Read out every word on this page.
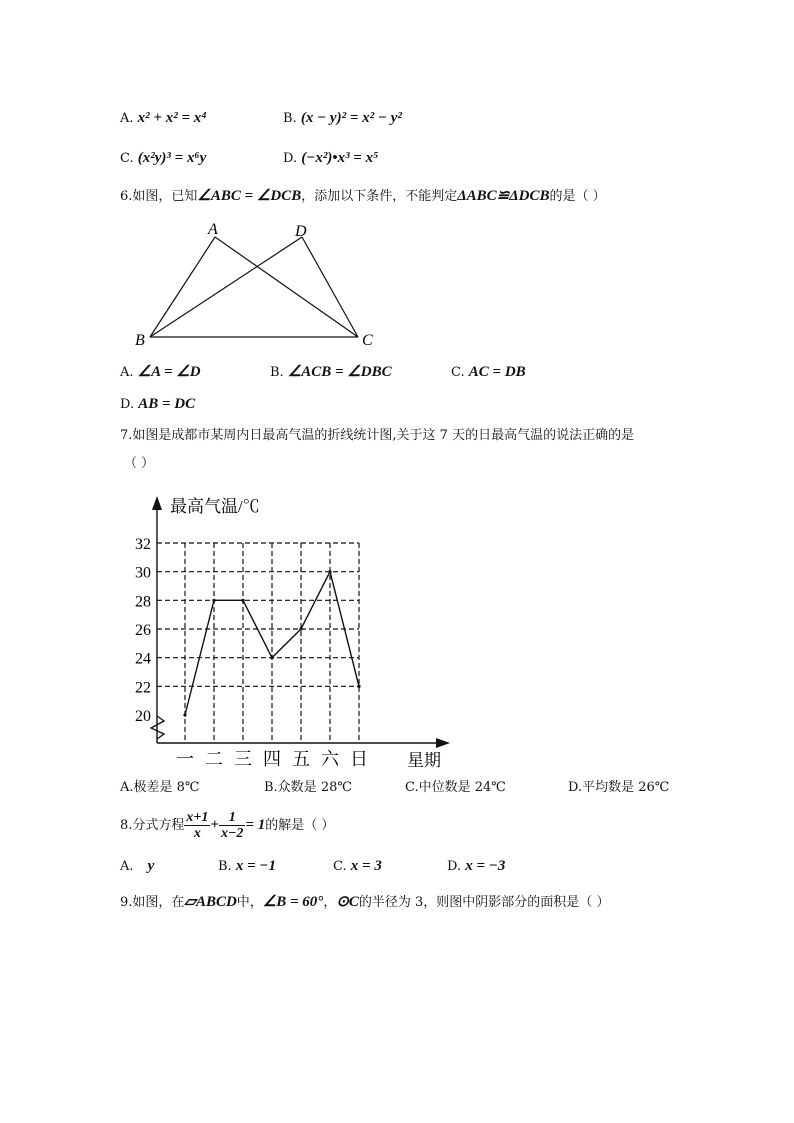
A. x² + x² = x⁴	B. (x − y)² = x² − y²
C. (x²y)³ = x⁶y	D. (−x²)•x³ = x⁵
6.如图，已知∠ABC = ∠DCB，添加以下条件，不能判定ΔABC≌ΔDCB的是（ ）
A	D
B	C
A. ∠A = ∠D	B. ∠ACB = ∠DBC	C. AC = DB
D. AB = DC
7.如图是成都市某周内日最高气温的折线统计图,关于这 7 天的日最高气温的说法正确的是
（ ）
最高气温/℃
星期
20
22
24
26
28
30
32
一 二 三 四 五 六 日
A.极差是 8℃	B.众数是 28℃	C.中位数是 24℃	D.平均数是 26℃
8.分式方程 $\frac{x+1}{x} + \frac{1}{x-2} = 1$的解是（ ）
A. y	B. x = −1	C. x = 3	D. x = −3
9.如图，在▱ABCD中，∠B = 60°，⊙C的半径为 3，则图中阴影部分的面积是（ ）
